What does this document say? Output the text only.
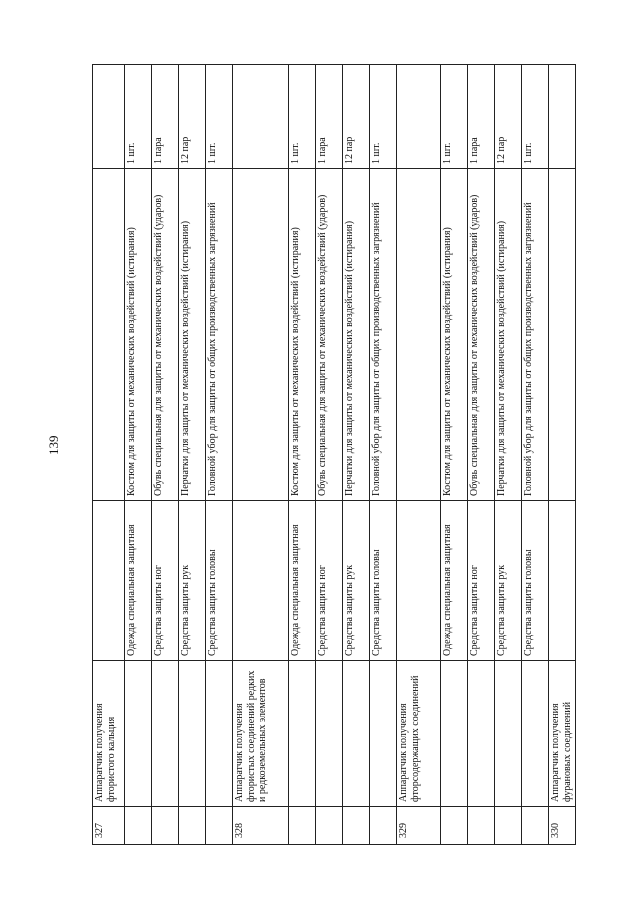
139
327	Аппаратчик получения фтористого кальция			
		Одежда специальная защитная	Костюм для защиты от механических воздействий (истирания)	1 шт.
		Средства защиты ног	Обувь специальная для защиты от механических воздействий (ударов)	1 пара
		Средства защиты рук	Перчатки для защиты от механических воздействий (истирания)	12 пар
		Средства защиты головы	Головной убор для защиты от общих производственных загрязнений	1 шт.
328	Аппаратчик получения фтористых соединений редких и редкоземельных элементов			
		Одежда специальная защитная	Костюм для защиты от механических воздействий (истирания)	1 шт.
		Средства защиты ног	Обувь специальная для защиты от механических воздействий (ударов)	1 пара
		Средства защиты рук	Перчатки для защиты от механических воздействий (истирания)	12 пар
		Средства защиты головы	Головной убор для защиты от общих производственных загрязнений	1 шт.
329	Аппаратчик получения фторсодержащих соединений			
		Одежда специальная защитная	Костюм для защиты от механических воздействий (истирания)	1 шт.
		Средства защиты ног	Обувь специальная для защиты от механических воздействий (ударов)	1 пара
		Средства защиты рук	Перчатки для защиты от механических воздействий (истирания)	12 пар
		Средства защиты головы	Головной убор для защиты от общих производственных загрязнений	1 шт.
330	Аппаратчик получения фурановых соединений			
